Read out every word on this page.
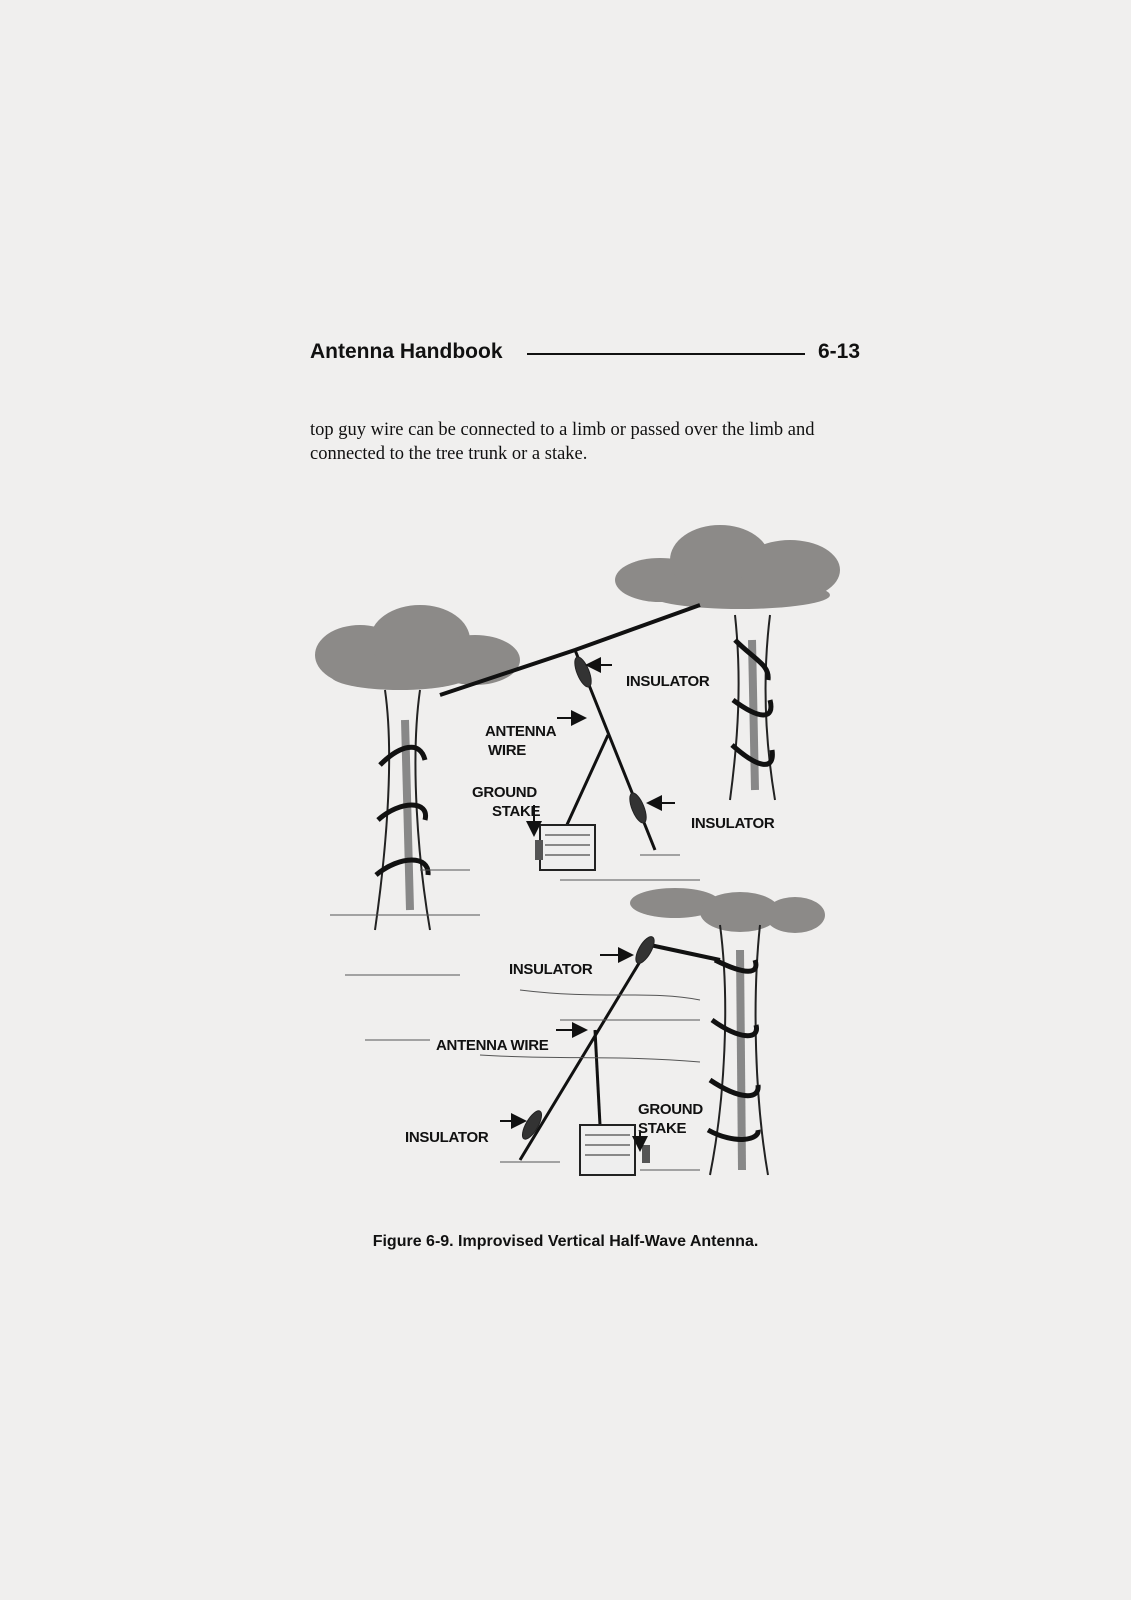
Antenna Handbook	6-13
top guy wire can be connected to a limb or passed over the limb and connected to the tree trunk or a stake.
INSULATOR
ANTENNA
WIRE
GROUND
STAKE
INSULATOR
INSULATOR
ANTENNA WIRE
GROUND
STAKE
INSULATOR
Figure 6-9. Improvised Vertical Half-Wave Antenna.
